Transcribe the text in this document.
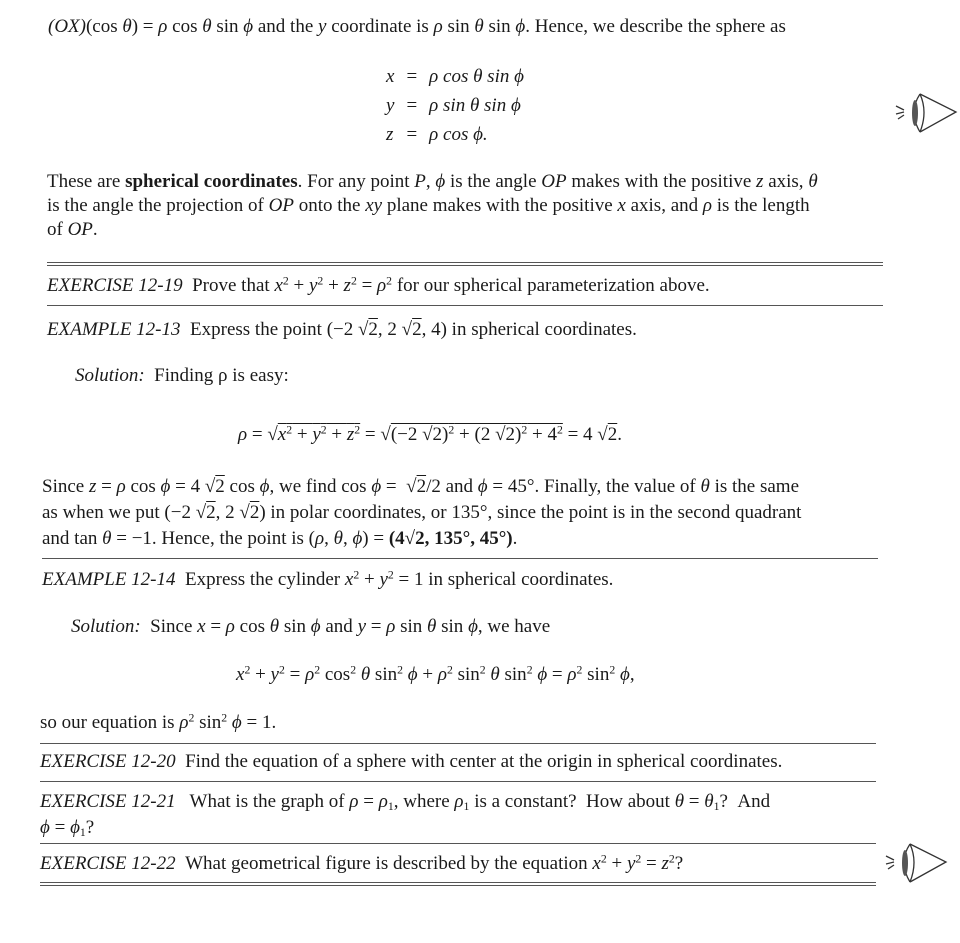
(OX)(cos θ) = ρ cos θ sin ϕ and the y coordinate is ρ sin θ sin ϕ. Hence, we describe the sphere as
x	=	ρ cos θ sin ϕ
y	=	ρ sin θ sin ϕ
z	=	ρ cos ϕ.
These are spherical coordinates. For any point P, ϕ is the angle OP makes with the positive z axis, θ
is the angle the projection of OP onto the xy plane makes with the positive x axis, and ρ is the length
of OP.
EXERCISE 12-19  Prove that $x^2 + y^2 + z^2 = \rho^2$ for our spherical parameterization above.
EXAMPLE 12-13  Express the point (−2 √2, 2 √2, 4) in spherical coordinates.
Solution: Finding ρ is easy:
$\rho = √x^2 + y^2 + z^2 = √(-2$ √2)$^2$ + (2 $√2)^2 + 4^2 = 4$ √2.
Since z = ρ cos ϕ = 4 √2 cos ϕ, we find cos ϕ =  √2/2 and ϕ = 45°. Finally, the value of θ is the same
as when we put (−2 √2, 2 √2) in polar coordinates, or 135°, since the point is in the second quadrant
and tan θ = −1. Hence, the point is (ρ, θ, ϕ) = (4√2, 135°, 45°).
EXAMPLE 12-14  Express the cylinder $x^2 + y^2 = 1$ in spherical coordinates.
Solution:  Since x = ρ cos θ sin ϕ and y = ρ sin θ sin ϕ, we have
$x^2 + y^2 = \rho^2$ $\cos^2 \theta$ $\sin^2 \phi + \rho^2$ $\sin^2 \theta$ $\sin^2 \phi = \rho^2$ $\sin^2 \phi$,
so our equation is $\rho^2$ $\sin^2 \phi = 1$.
EXERCISE 12-20 Find the equation of a sphere with center at the origin in spherical coordinates.
EXERCISE 12-21   What is the graph of $\rho = \rho_1$, where $\rho_1$ is a constant?  How about $\theta = \theta_1$?  And
$\phi = \phi_1$?
EXERCISE 12-22  What geometrical figure is described by the equation $x^2 + y^2 = z^2$?
